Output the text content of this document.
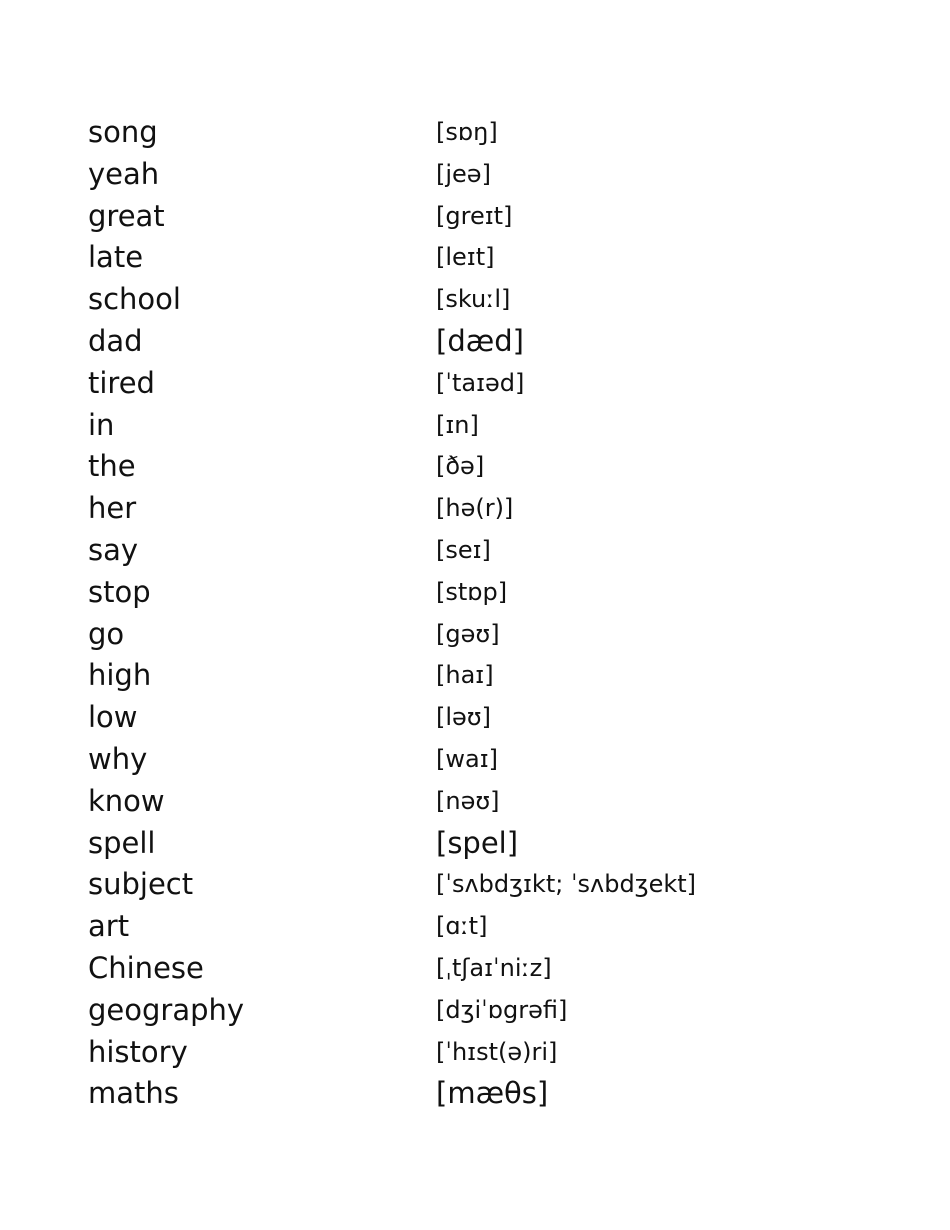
song	[sɒŋ]
yeah	[jeə]
great	[greɪt]
late	[leɪt]
school	[skuːl]
dad	[dæd]
tired	[ˈtaɪəd]
in	[ɪn]
the	[ðə]
her	[hə(r)]
say	[seɪ]
stop	[stɒp]
go	[gəʊ]
high	[haɪ]
low	[ləʊ]
why	[waɪ]
know	[nəʊ]
spell	[spel]
subject	[ˈsʌbdʒɪkt; ˈsʌbdʒekt]
art	[ɑːt]
Chinese	[ˌtʃaɪˈniːz]
geography	[dʒiˈɒgrəfi]
history	[ˈhɪst(ə)ri]
maths	[mæθs]
